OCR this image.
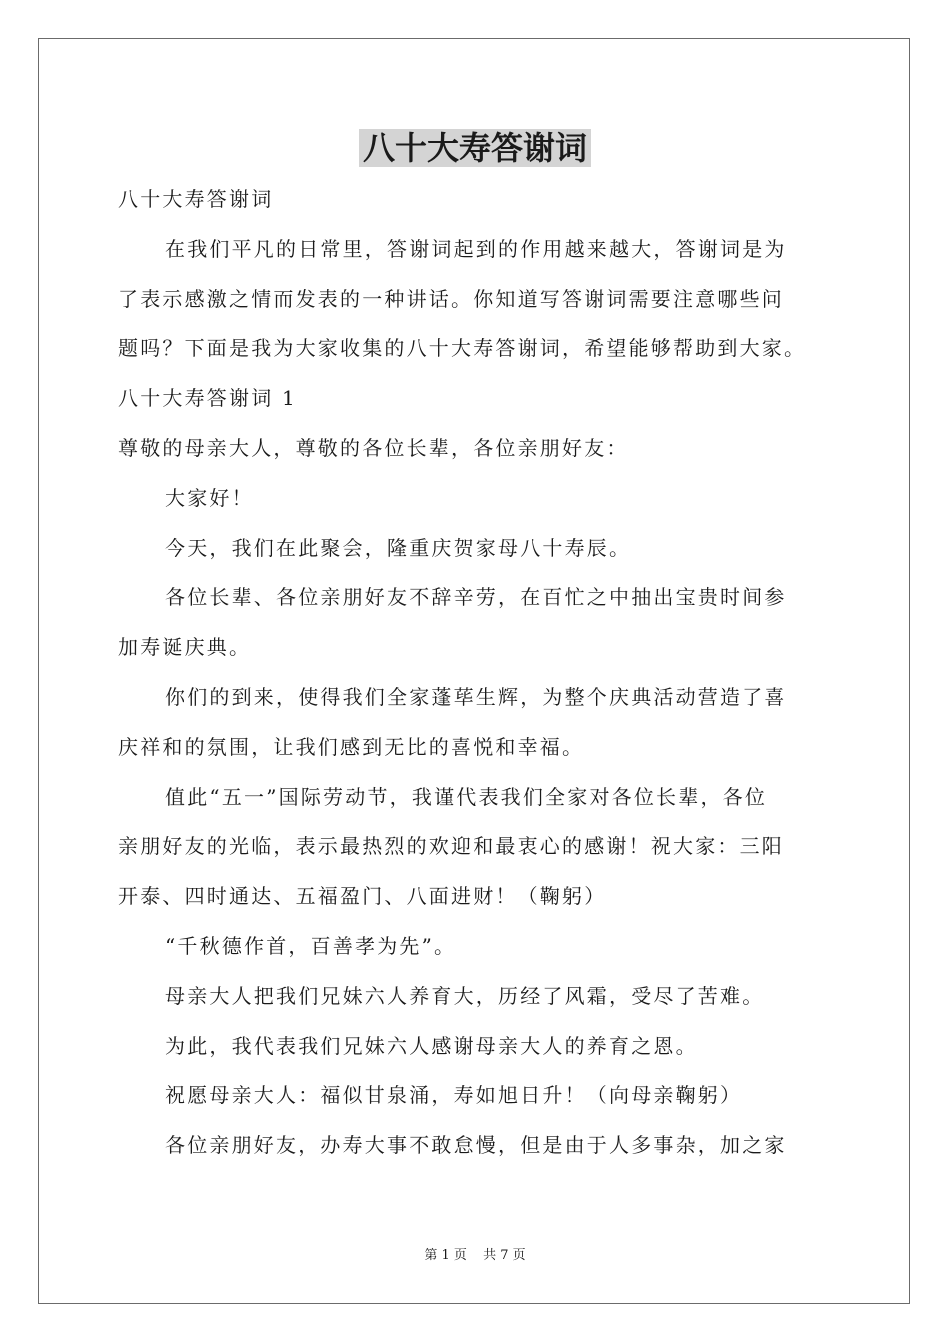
八十大寿答谢词
八十大寿答谢词
在我们平凡的日常里，答谢词起到的作用越来越大，答谢词是为
了表示感激之情而发表的一种讲话。你知道写答谢词需要注意哪些问
题吗？下面是我为大家收集的八十大寿答谢词，希望能够帮助到大家。
八十大寿答谢词 1
尊敬的母亲大人，尊敬的各位长辈，各位亲朋好友：
大家好！
今天，我们在此聚会，隆重庆贺家母八十寿辰。
各位长辈、各位亲朋好友不辞辛劳，在百忙之中抽出宝贵时间参
加寿诞庆典。
你们的到来，使得我们全家蓬荜生辉，为整个庆典活动营造了喜
庆祥和的氛围，让我们感到无比的喜悦和幸福。
值此“五一”国际劳动节，我谨代表我们全家对各位长辈，各位
亲朋好友的光临，表示最热烈的欢迎和最衷心的感谢！祝大家：三阳
开泰、四时通达、五福盈门、八面进财！（鞠躬）
“千秋德作首，百善孝为先”。
母亲大人把我们兄妹六人养育大，历经了风霜，受尽了苦难。
为此，我代表我们兄妹六人感谢母亲大人的养育之恩。
祝愿母亲大人：福似甘泉涌，寿如旭日升！（向母亲鞠躬）
各位亲朋好友，办寿大事不敢怠慢，但是由于人多事杂，加之家
第 1 页 共 7 页
